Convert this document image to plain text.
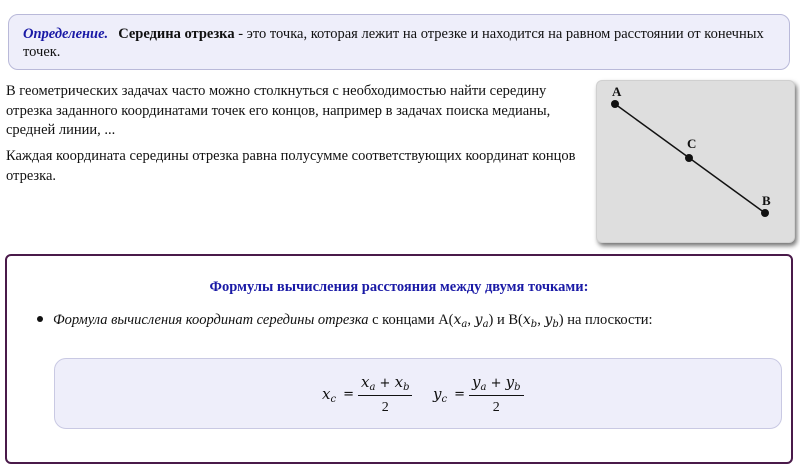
Определение. Середина отрезка - это точка, которая лежит на отрезке и находится на равном расстоянии от конечных точек.

В геометрических задачах часто можно столкнуться с необходимостью найти середину отрезка заданного координатами точек его концов, например в задачах поиска медианы, средней линии, ...

Каждая координата середины отрезка равна полусумме соответствующих координат концов отрезка.

A
C
B
Формулы вычисления расстояния между двумя точками:
Формула вычисления координат середины отрезка с концами $A(x_a$, $y_a$) и $B(x_b$, $y_b$) на плоскости:
$x_c = \frac{x_a + x_b}{2} y_c = \frac{y_a + y_b}{2}$
